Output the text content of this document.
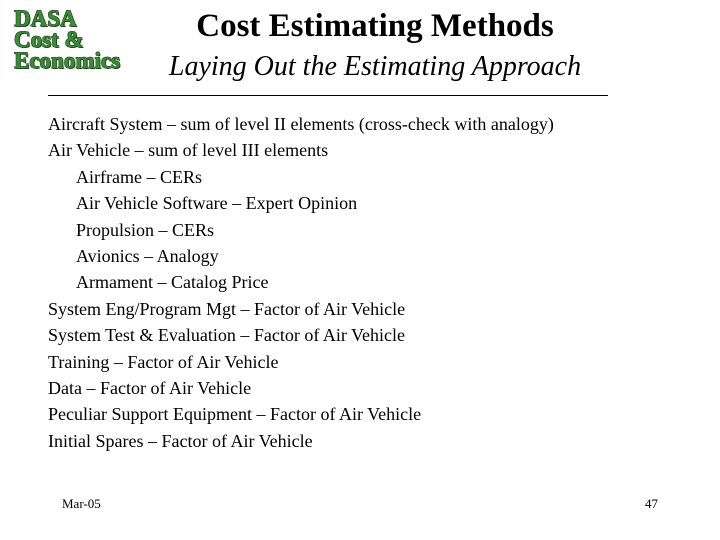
DASA
Cost &
Economics
Cost Estimating Methods
Laying Out the Estimating Approach
Aircraft System – sum of level II elements (cross-check with analogy)
Air Vehicle – sum of level III elements
Airframe – CERs
Air Vehicle Software – Expert Opinion
Propulsion – CERs
Avionics – Analogy
Armament – Catalog Price
System Eng/Program Mgt – Factor of Air Vehicle
System Test & Evaluation – Factor of Air Vehicle
Training – Factor of Air Vehicle
Data – Factor of Air Vehicle
Peculiar Support Equipment – Factor of Air Vehicle
Initial Spares – Factor of Air Vehicle
Mar-05	47
